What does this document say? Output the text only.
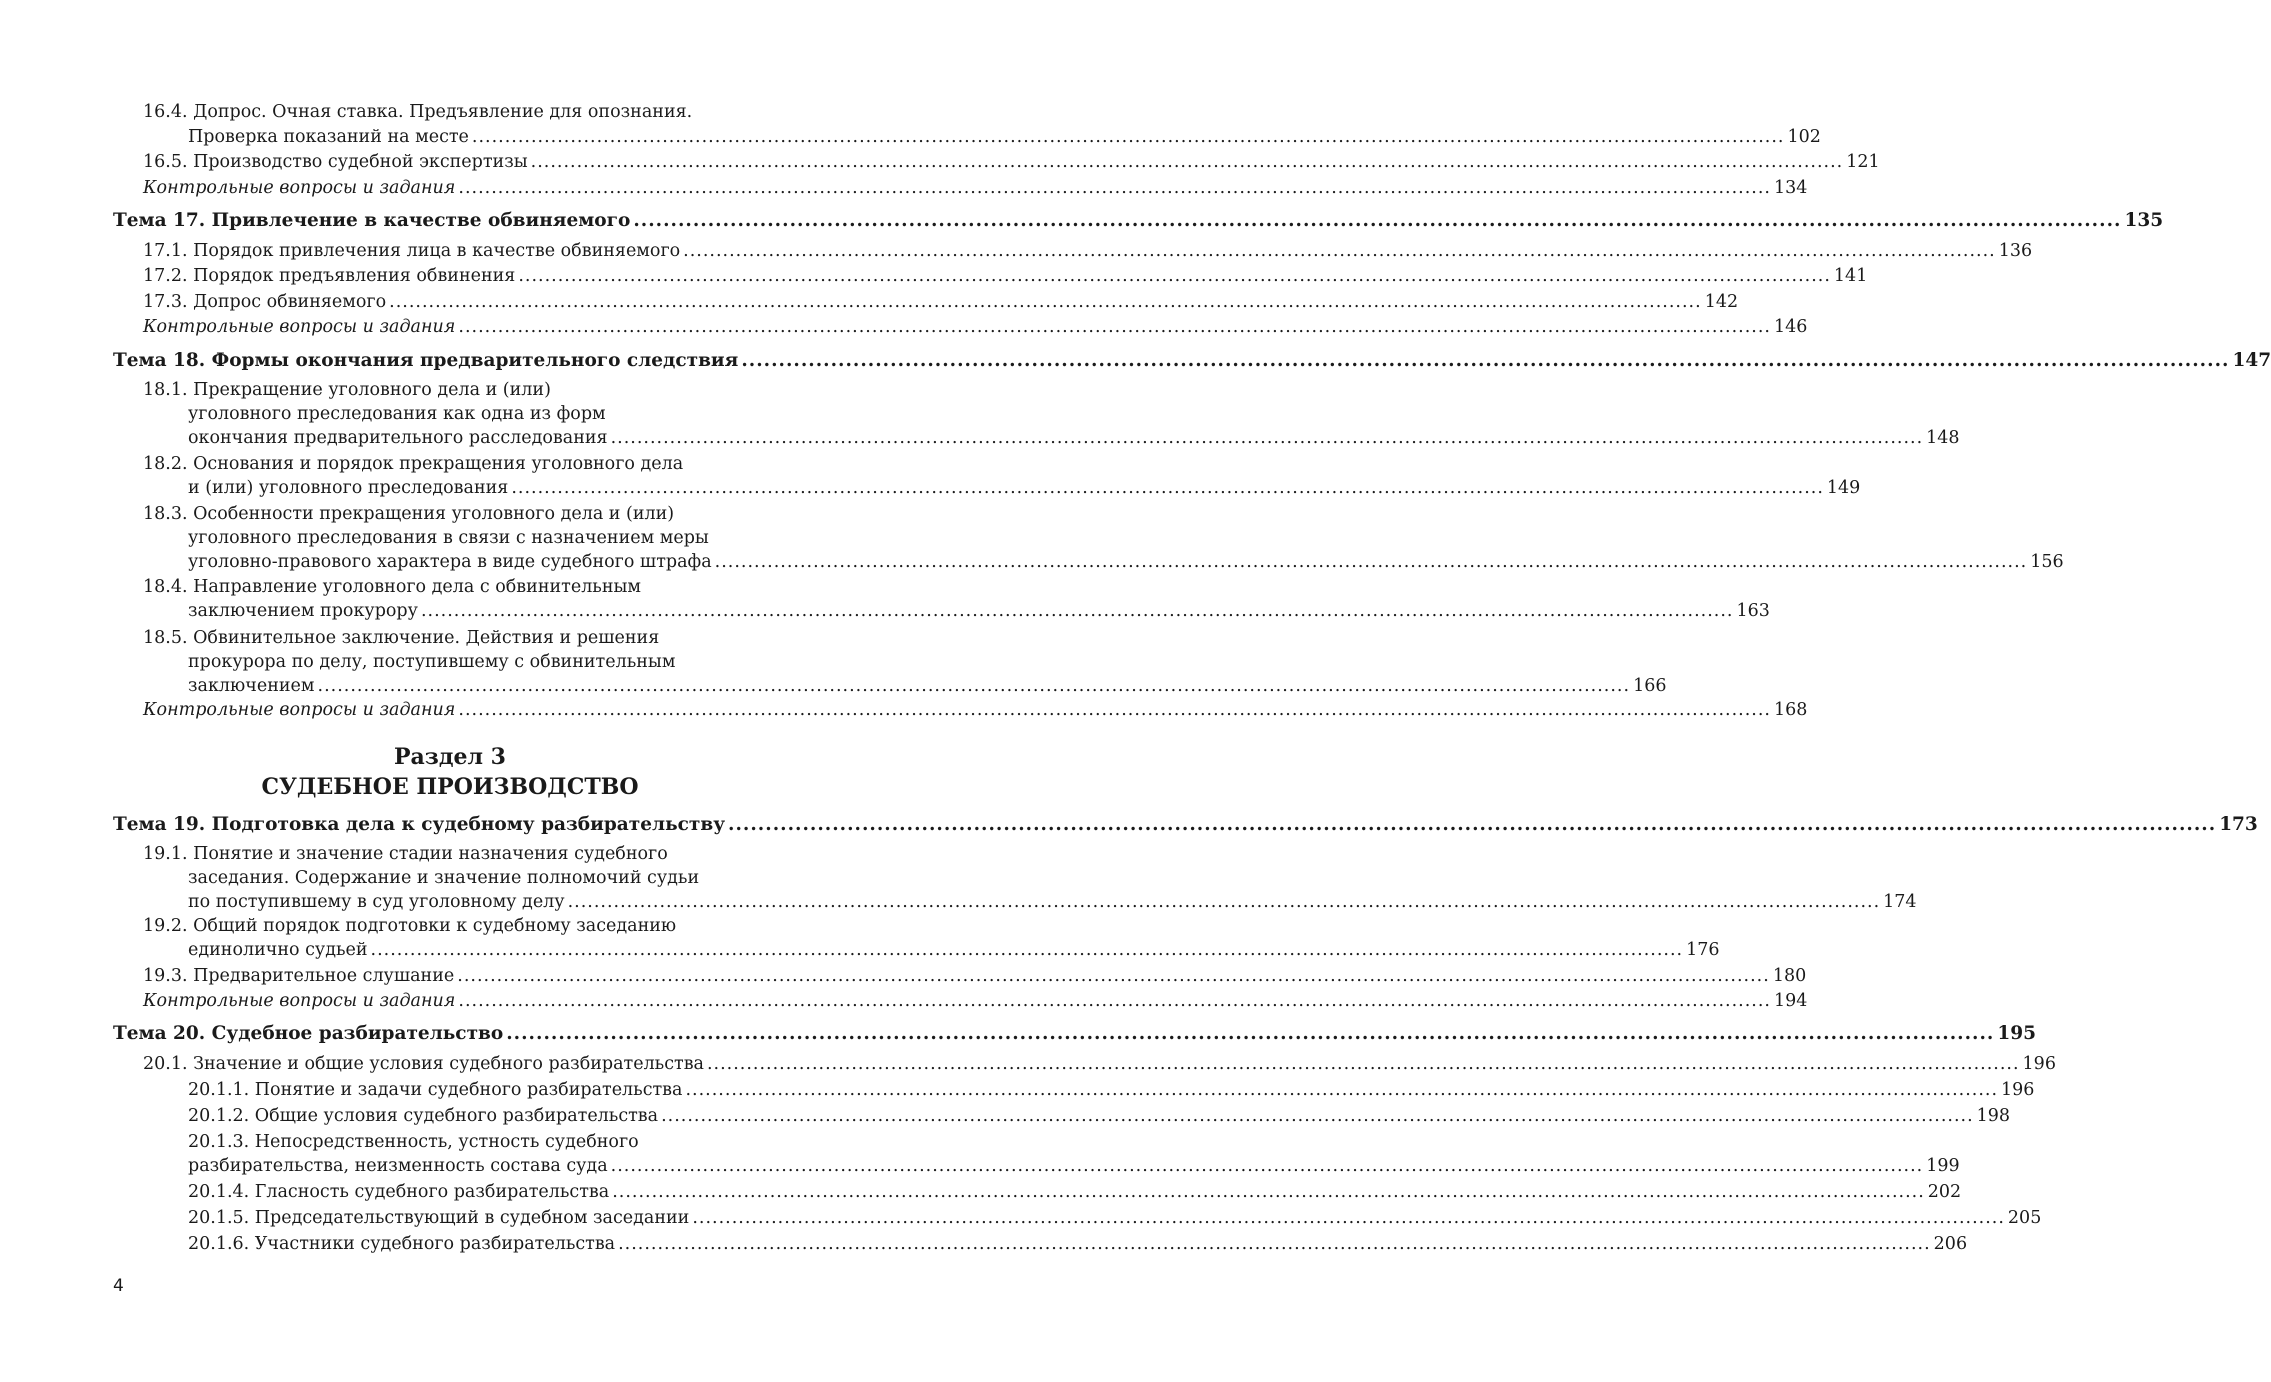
16.4. Допрос. Очная ставка. Предъявление для опознания.
Проверка показаний на месте ........................................................................................................................................................................................................ 102
16.5. Производство судебной экспертизы ........................................................................................................................................................................................................ 121
Контрольные вопросы и задания ........................................................................................................................................................................................................ 134
Тема 17. Привлечение в качестве обвиняемого ........................................................................................................................................................................................................ 135
17.1. Порядок привлечения лица в качестве обвиняемого ........................................................................................................................................................................................................ 136
17.2. Порядок предъявления обвинения ........................................................................................................................................................................................................ 141
17.3. Допрос обвиняемого ........................................................................................................................................................................................................ 142
Контрольные вопросы и задания ........................................................................................................................................................................................................ 146
Тема 18. Формы окончания предварительного следствия ........................................................................................................................................................................................................ 147
18.1. Прекращение уголовного дела и (или)
уголовного преследования как одна из форм
окончания предварительного расследования ........................................................................................................................................................................................................ 148
18.2. Основания и порядок прекращения уголовного дела
и (или) уголовного преследования ........................................................................................................................................................................................................ 149
18.3. Особенности прекращения уголовного дела и (или)
уголовного преследования в связи с назначением меры
уголовно-правового характера в виде судебного штрафа ........................................................................................................................................................................................................ 156
18.4. Направление уголовного дела с обвинительным
заключением прокурору ........................................................................................................................................................................................................ 163
18.5. Обвинительное заключение. Действия и решения
прокурора по делу, поступившему с обвинительным
заключением ........................................................................................................................................................................................................ 166
Контрольные вопросы и задания ........................................................................................................................................................................................................ 168
Тема 19. Подготовка дела к судебному разбирательству ........................................................................................................................................................................................................ 173
19.1. Понятие и значение стадии назначения судебного
заседания. Содержание и значение полномочий судьи
по поступившему в суд уголовному делу ........................................................................................................................................................................................................ 174
19.2. Общий порядок подготовки к судебному заседанию
единолично судьей ........................................................................................................................................................................................................ 176
19.3. Предварительное слушание ........................................................................................................................................................................................................ 180
Контрольные вопросы и задания ........................................................................................................................................................................................................ 194
Тема 20. Судебное разбирательство ........................................................................................................................................................................................................ 195
20.1. Значение и общие условия судебного разбирательства ........................................................................................................................................................................................................ 196
20.1.1. Понятие и задачи судебного разбирательства ........................................................................................................................................................................................................ 196
20.1.2. Общие условия судебного разбирательства ........................................................................................................................................................................................................ 198
20.1.3. Непосредственность, устность судебного
разбирательства, неизменность состава суда ........................................................................................................................................................................................................ 199
20.1.4. Гласность судебного разбирательства ........................................................................................................................................................................................................ 202
20.1.5. Председательствующий в судебном заседании ........................................................................................................................................................................................................ 205
20.1.6. Участники судебного разбирательства ........................................................................................................................................................................................................ 206
Раздел 3
СУДЕБНОЕ ПРОИЗВОДСТВО
4
